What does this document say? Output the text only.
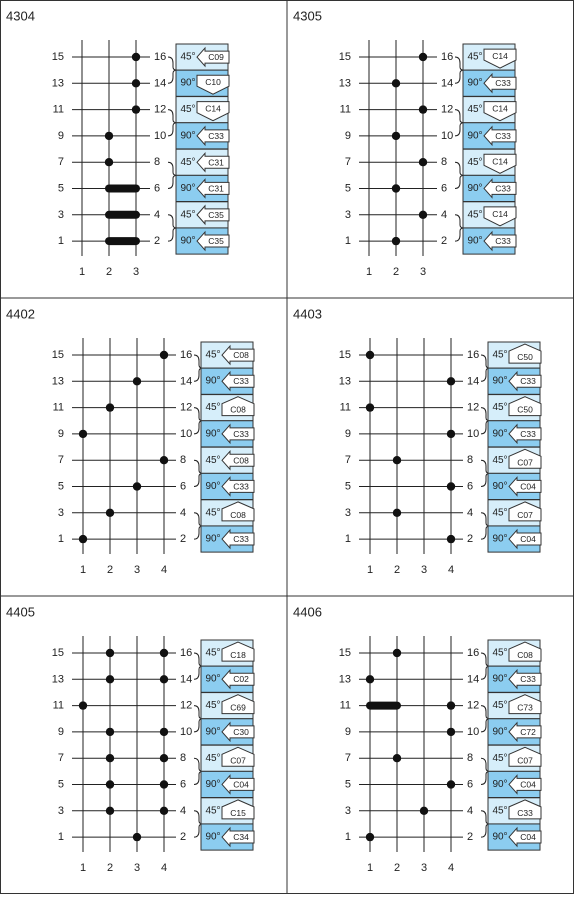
4304
1 2 3
15	16
13	14
11	12
9	10
7	8
5	6
3	4
1	2
45° C09
90° C10
45° C14
90° C33
45° C31
90° C31
45° C35
90° C35
4305
1 2 3
15	16
13	14
11	12
9	10
7	8
5	6
3	4
1	2
45° C14
90° C33
45° C14
90° C33
45° C14
90° C33
45° C14
90° C33
4402
1 2 3 4
15	16
13	14
11	12
9	10
7	8
5	6
3	4
1	2
45° C08
90° C33
45° C08
90° C33
45° C08
90° C33
45° C08
90° C33
4403
1 2 3 4
15	16
13	14
11	12
9	10
7	8
5	6
3	4
1	2
45° C50
90° C33
45° C50
90° C33
45° C07
90° C04
45° C07
90° C04
4405
1 2 3 4
15	16
13	14
11	12
9	10
7	8
5	6
3	4
1	2
45° C18
90° C02
45° C69
90° C30
45° C07
90° C04
45° C15
90° C34
4406
1 2 3 4
15	16
13	14
11	12
9	10
7	8
5	6
3	4
1	2
45° C08
90° C33
45° C73
90° C72
45° C07
90° C04
45° C33
90° C04
